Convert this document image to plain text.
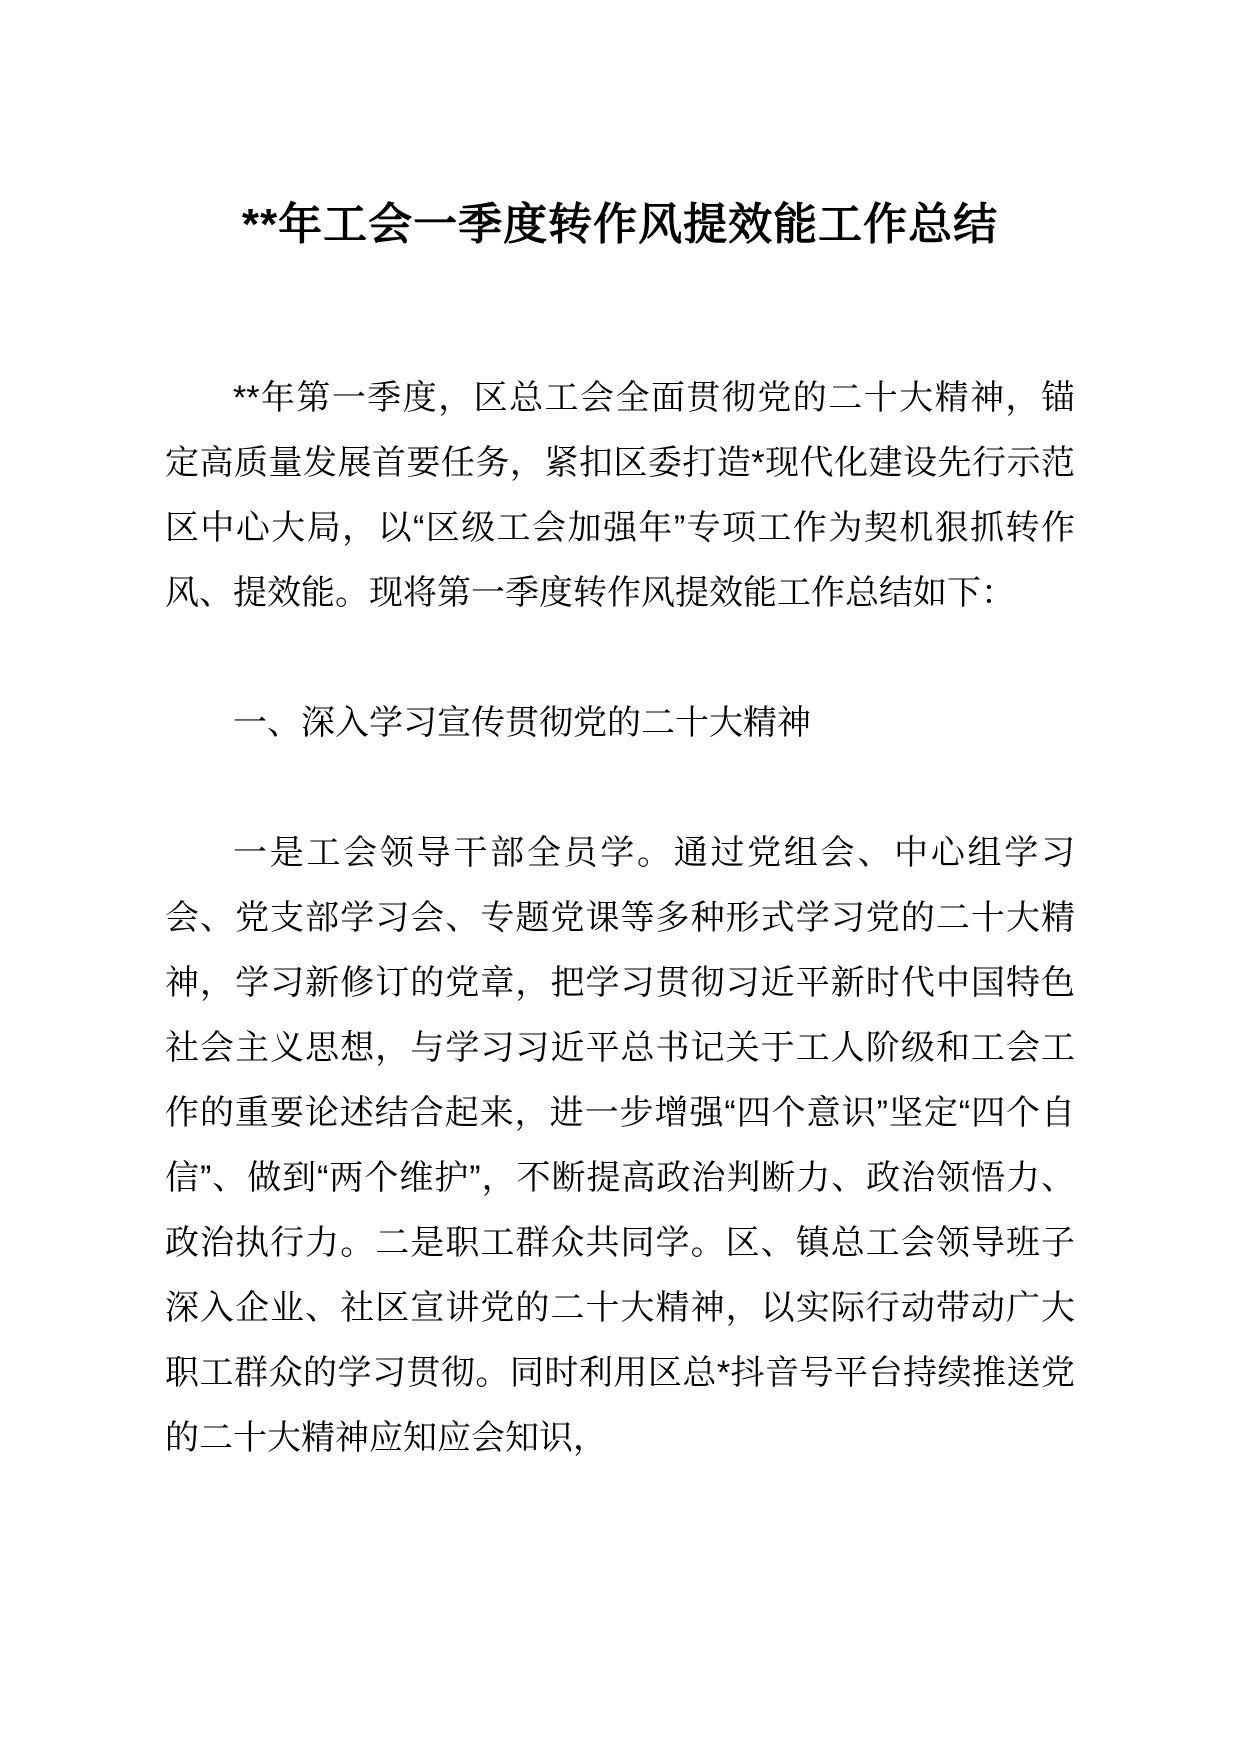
**年工会一季度转作风提效能工作总结

**年第一季度，区总工会全面贯彻党的二十大精神，锚定高质量发展首要任务，紧扣区委打造*现代化建设先行示范区中心大局，以“区级工会加强年”专项工作为契机狠抓转作风、提效能。现将第一季度转作风提效能工作总结如下：

一、深入学习宣传贯彻党的二十大精神

一是工会领导干部全员学。通过党组会、中心组学习会、党支部学习会、专题党课等多种形式学习党的二十大精神，学习新修订的党章，把学习贯彻习近平新时代中国特色社会主义思想，与学习习近平总书记关于工人阶级和工会工作的重要论述结合起来，进一步增强“四个意识”坚定“四个自信”、做到“两个维护”，不断提高政治判断力、政治领悟力、政治执行力。二是职工群众共同学。区、镇总工会领导班子深入企业、社区宣讲党的二十大精神，以实际行动带动广大职工群众的学习贯彻。同时利用区总*抖音号平台持续推送党的二十大精神应知应会知识，
